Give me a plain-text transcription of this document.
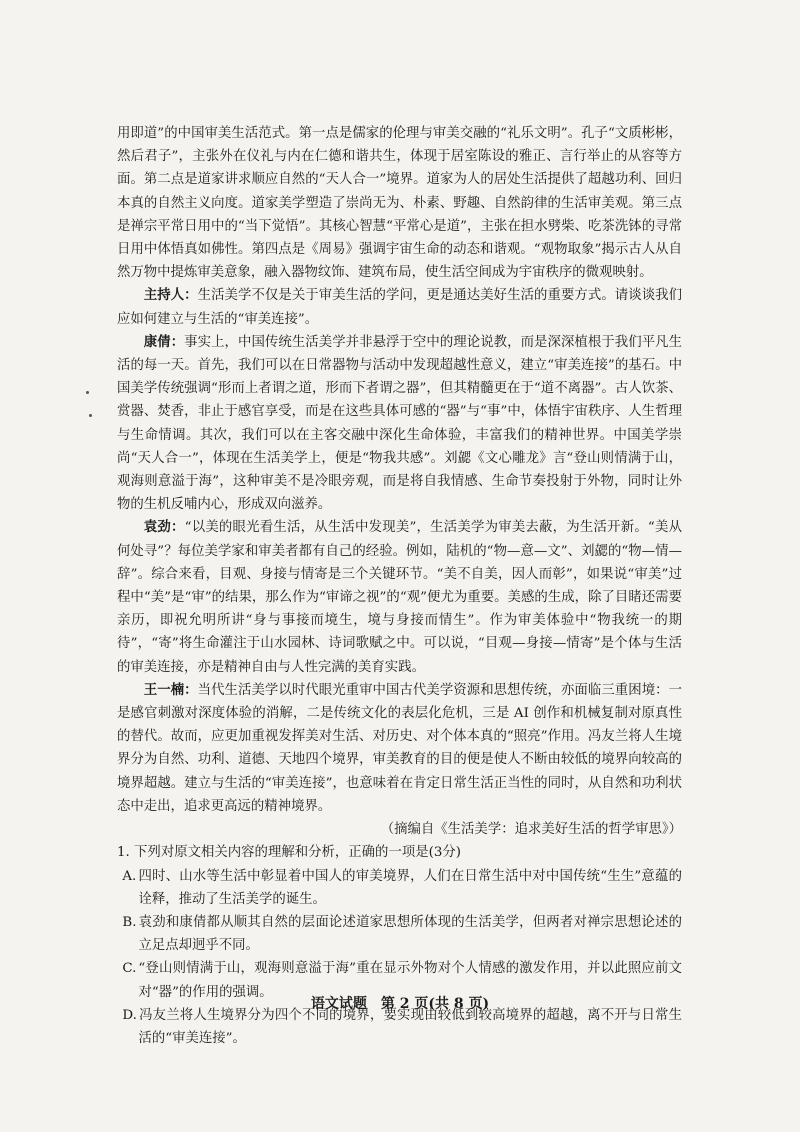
用即道”的中国审美生活范式。第一点是儒家的伦理与审美交融的“礼乐文明”。孔子“文质彬彬，然后君子”，主张外在仪礼与内在仁德和谐共生，体现于居室陈设的雅正、言行举止的从容等方面。第二点是道家讲求顺应自然的“天人合一”境界。道家为人的居处生活提供了超越功利、回归本真的自然主义向度。道家美学塑造了崇尚无为、朴素、野趣、自然韵律的生活审美观。第三点是禅宗平常日用中的“当下觉悟”。其核心智慧“平常心是道”，主张在担水劈柴、吃茶洗钵的寻常日用中体悟真如佛性。第四点是《周易》强调宇宙生命的动态和谐观。“观物取象”揭示古人从自然万物中提炼审美意象，融入器物纹饰、建筑布局，使生活空间成为宇宙秩序的微观映射。

主持人：生活美学不仅是关于审美生活的学问，更是通达美好生活的重要方式。请谈谈我们应如何建立与生活的“审美连接”。

康倩：事实上，中国传统生活美学并非悬浮于空中的理论说教，而是深深植根于我们平凡生活的每一天。首先，我们可以在日常器物与活动中发现超越性意义，建立“审美连接”的基石。中国美学传统强调“形而上者谓之道，形而下者谓之器”，但其精髓更在于“道不离器”。古人饮茶、赏器、焚香，非止于感官享受，而是在这些具体可感的“器”与“事”中，体悟宇宙秩序、人生哲理与生命情调。其次，我们可以在主客交融中深化生命体验，丰富我们的精神世界。中国美学崇尚“天人合一”，体现在生活美学上，便是“物我共感”。刘勰《文心雕龙》言“登山则情满于山，观海则意溢于海”，这种审美不是冷眼旁观，而是将自我情感、生命节奏投射于外物，同时让外物的生机反哺内心，形成双向滋养。

袁劲：“以美的眼光看生活，从生活中发现美”，生活美学为审美去蔽，为生活开新。“美从何处寻”？每位美学家和审美者都有自己的经验。例如，陆机的“物—意—文”、刘勰的“物—情—辞”。综合来看，目观、身接与情寄是三个关键环节。“美不自美，因人而彰”，如果说“审美”过程中“美”是“审”的结果，那么作为“审谛之视”的“观”便尤为重要。美感的生成，除了目睹还需要亲历，即祝允明所讲“身与事接而境生，境与身接而情生”。作为审美体验中“物我统一的期待”，“寄”将生命灌注于山水园林、诗词歌赋之中。可以说，“目观—身接—情寄”是个体与生活的审美连接，亦是精神自由与人性完满的美育实践。

王一楠：当代生活美学以时代眼光重审中国古代美学资源和思想传统，亦面临三重困境：一是感官刺激对深度体验的消解，二是传统文化的表层化危机，三是 AI 创作和机械复制对原真性的替代。故而，应更加重视发挥美对生活、对历史、对个体本真的“照亮”作用。冯友兰将人生境界分为自然、功利、道德、天地四个境界，审美教育的目的便是使人不断由较低的境界向较高的境界超越。建立与生活的“审美连接”，也意味着在肯定日常生活正当性的同时，从自然和功利状态中走出，追求更高远的精神境界。

（摘编自《生活美学：追求美好生活的哲学审思》）
1. 下列对原文相关内容的理解和分析，正确的一项是(3分)
A. 四时、山水等生活中彰显着中国人的审美境界，人们在日常生活中对中国传统“生生”意蕴的诠释，推动了生活美学的诞生。
B. 袁劲和康倩都从顺其自然的层面论述道家思想所体现的生活美学，但两者对禅宗思想论述的立足点却迥乎不同。
C. “登山则情满于山，观海则意溢于海”重在显示外物对个人情感的激发作用，并以此照应前文对“器”的作用的强调。
D. 冯友兰将人生境界分为四个不同的境界，要实现由较低到较高境界的超越，离不开与日常生活的“审美连接”。
语文试题　第 2 页(共 8 页)
